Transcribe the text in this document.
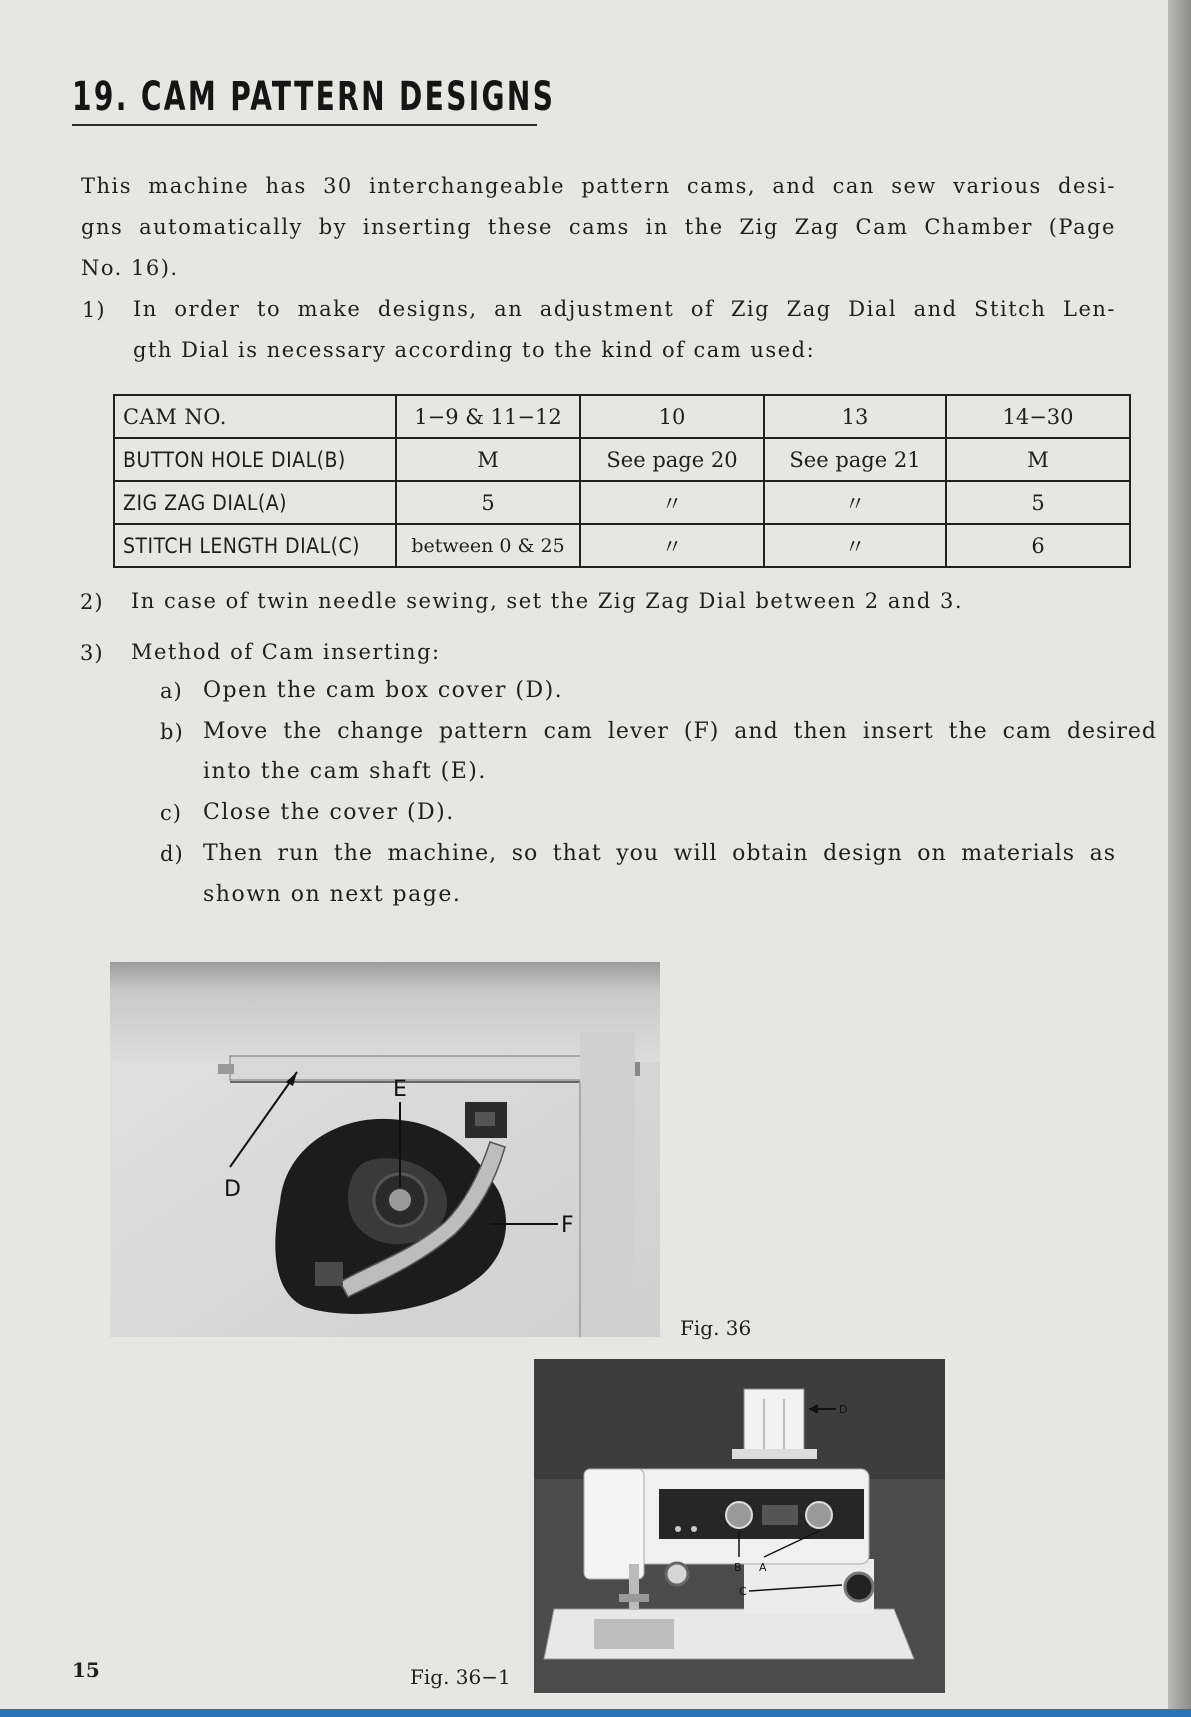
19. CAM PATTERN DESIGNS

This machine has 30 interchangeable pattern cams, and can sew various desi-

gns automatically by inserting these cams in the Zig Zag Cam Chamber (Page

No. 16).

1) In order to make designs, an adjustment of Zig Zag Dial and Stitch Len-

gth Dial is necessary according to the kind of cam used:

CAM NO.	1−9 & 11−12	10	13	14−30
BUTTON HOLE DIAL(B)	M	See page 20	See page 21	M
ZIG ZAG DIAL(A)	5	〃	〃	5
STITCH LENGTH DIAL(C)	between 0 & 25	〃	〃	6
2) In case of twin needle sewing, set the Zig Zag Dial between 2 and 3.

3) Method of Cam inserting:

a) Open the cam box cover (D).

b) Move the change pattern cam lever (F) and then insert the cam desired

into the cam shaft (E).

c) Close the cover (D).

d) Then run the machine, so that you will obtain design on materials as

shown on next page.

D
E
F
Fig. 36
D
B A
C
Fig. 36−1
15
